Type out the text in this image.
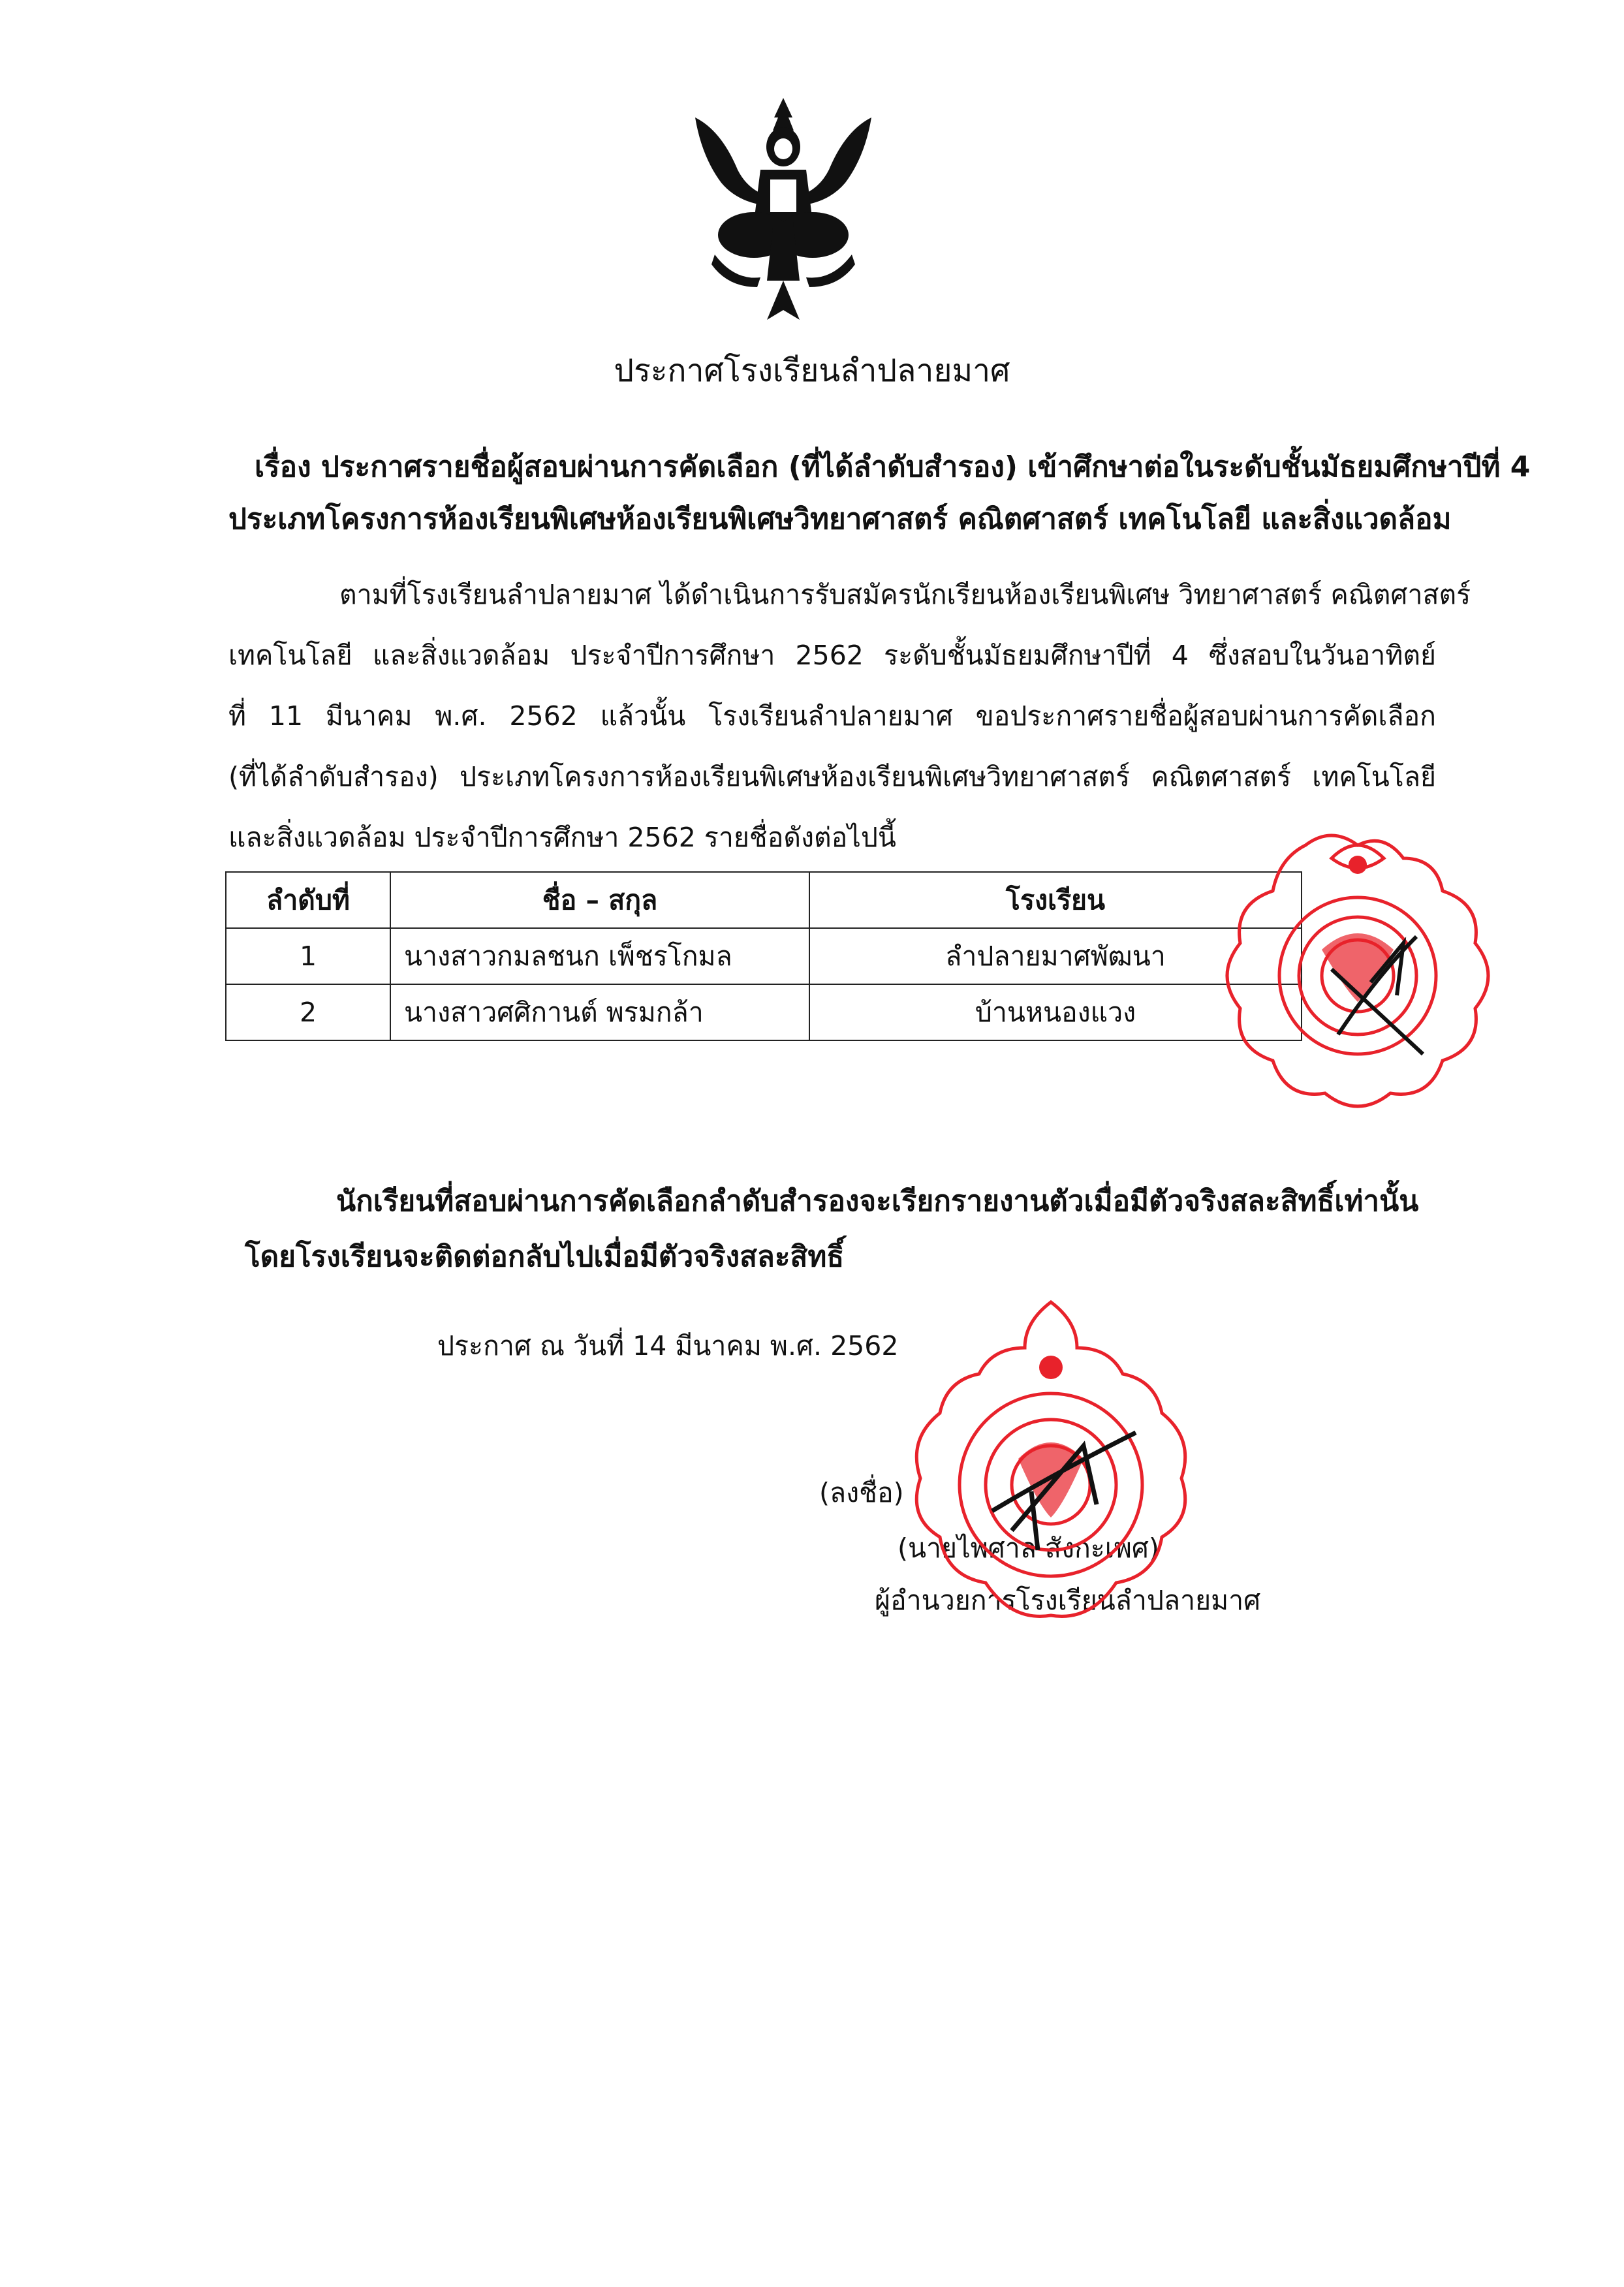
ประกาศโรงเรียนลำปลายมาศ
เรื่อง ประกาศรายชื่อผู้สอบผ่านการคัดเลือก (ที่ได้ลำดับสำรอง) เข้าศึกษาต่อในระดับชั้นมัธยมศึกษาปีที่ 4
ประเภทโครงการห้องเรียนพิเศษห้องเรียนพิเศษวิทยาศาสตร์ คณิตศาสตร์ เทคโนโลยี และสิ่งแวดล้อม

ตามที่โรงเรียนลำปลายมาศ ได้ดำเนินการรับสมัครนักเรียนห้องเรียนพิเศษ วิทยาศาสตร์ คณิตศาสตร์

เทคโนโลยี และสิ่งแวดล้อม ประจำปีการศึกษา 2562 ระดับชั้นมัธยมศึกษาปีที่ 4 ซึ่งสอบในวันอาทิตย์

ที่ 11 มีนาคม พ.ศ. 2562 แล้วนั้น โรงเรียนลำปลายมาศ ขอประกาศรายชื่อผู้สอบผ่านการคัดเลือก

(ที่ได้ลำดับสำรอง) ประเภทโครงการห้องเรียนพิเศษห้องเรียนพิเศษวิทยาศาสตร์ คณิตศาสตร์ เทคโนโลยี

และสิ่งแวดล้อม ประจำปีการศึกษา 2562 รายชื่อดังต่อไปนี้

ลำดับที่	ชื่อ – สกุล	โรงเรียน
1	นางสาวกมลชนก เพ็ชรโกมล	ลำปลายมาศพัฒนา
2	นางสาวศศิกานต์ พรมกล้า	บ้านหนองแวง
นักเรียนที่สอบผ่านการคัดเลือกลำดับสำรองจะเรียกรายงานตัวเมื่อมีตัวจริงสละสิทธิ์เท่านั้น
โดยโรงเรียนจะติดต่อกลับไปเมื่อมีตัวจริงสละสิทธิ์
ประกาศ ณ วันที่ 14 มีนาคม พ.ศ. 2562
(ลงชื่อ)
(นายไพศาล สังกะเพศ)
ผู้อำนวยการโรงเรียนลำปลายมาศ
